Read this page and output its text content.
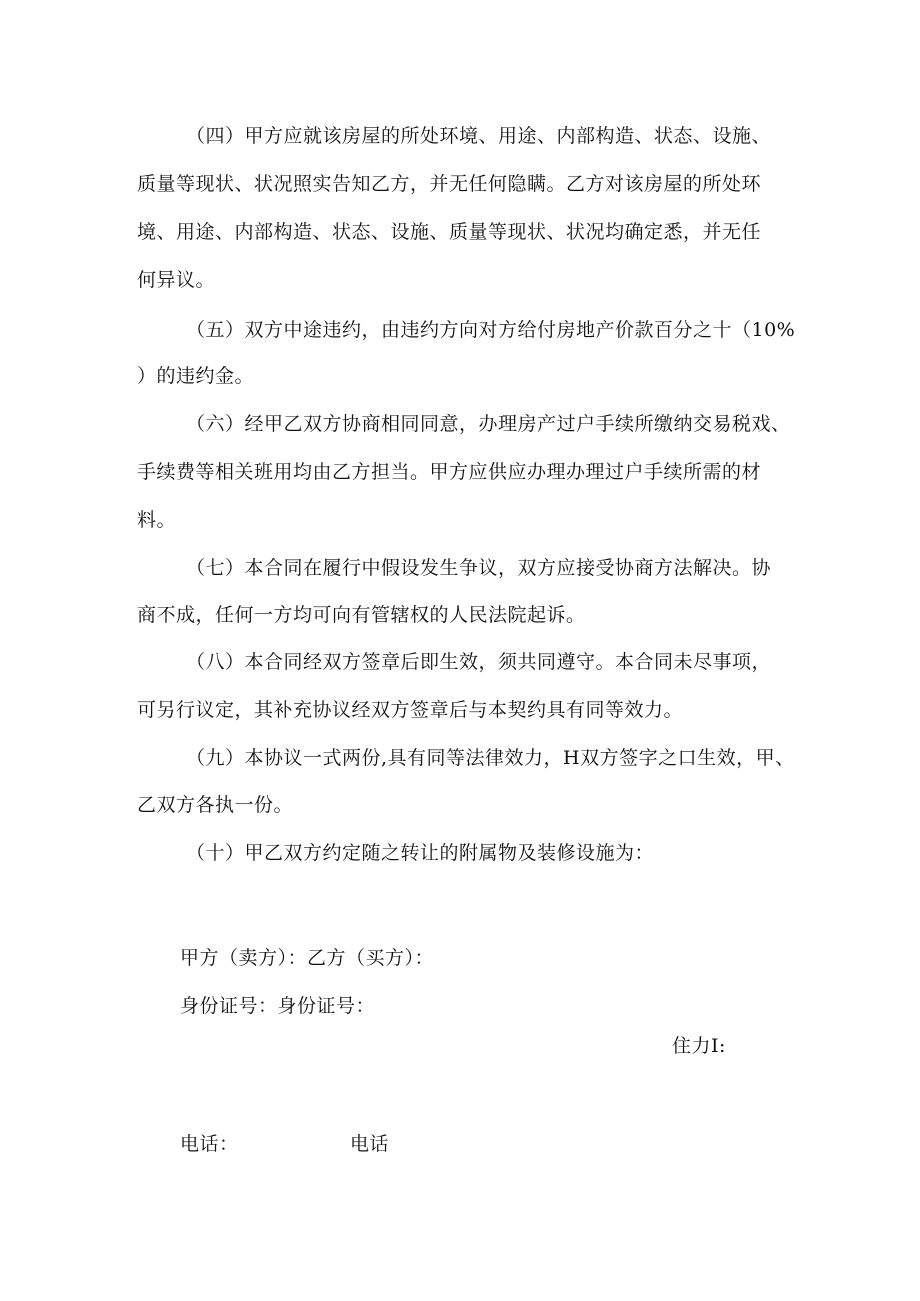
（四）甲方应就该房屋的所处环境、用途、内部构造、状态、设施、
质量等现状、状况照实告知乙方，并无任何隐瞒。乙方对该房屋的所处环
境、用途、内部构造、状态、设施、质量等现状、状况均确定悉，并无任
何异议。
（五）双方中途违约，由违约方向对方给付房地产价款百分之十（10%
）的违约金。
（六）经甲乙双方协商相同同意，办理房产过户手续所缴纳交易税戏、
手续费等相关班用均由乙方担当。甲方应供应办理办理过户手续所需的材
料。
（七）本合同在履行中假设发生争议，双方应接受协商方法解决。协
商不成，任何一方均可向有管辖权的人民法院起诉。
（八）本合同经双方签章后即生效，须共同遵守。本合同未尽事项，
可另行议定，其补充协议经双方签章后与本契约具有同等效力。
（九）本协议一式两份,具有同等法律效力，H双方签字之口生效，甲、
乙双方各执一份。
（十）甲乙双方约定随之转让的附属物及装修设施为：
甲方（卖方）：乙方（买方）：
身份证号：身份证号：
住力I:
电话：	电话
